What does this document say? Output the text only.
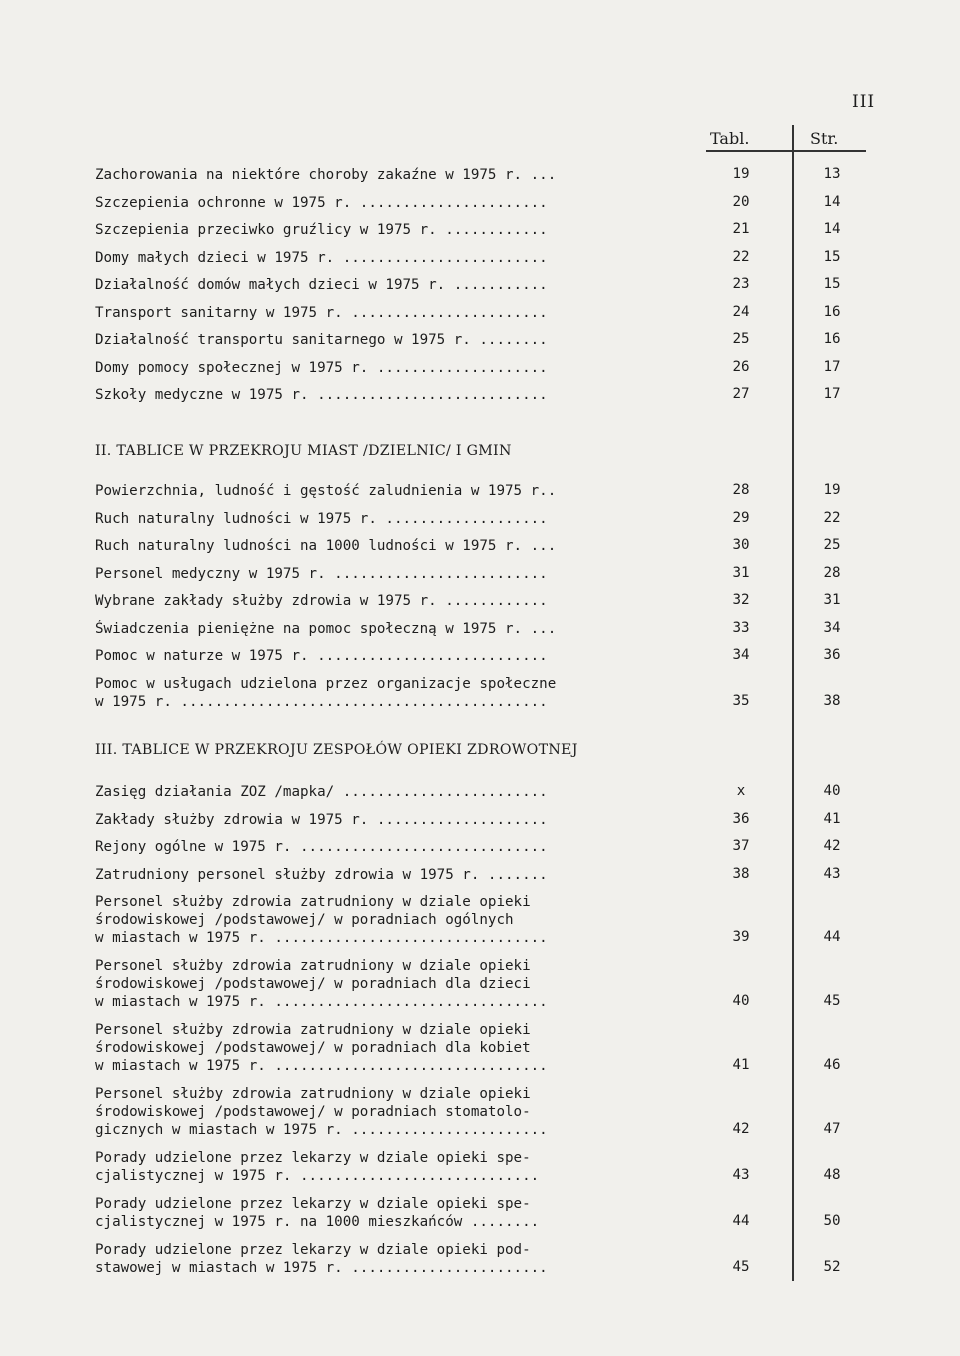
III
Tabl.	Str.
II. TABLICE W PRZEKROJU MIAST /DZIELNIC/ I GMIN
III. TABLICE W PRZEKROJU ZESPOŁÓW OPIEKI ZDROWOTNEJ
Zachorowania na niektóre choroby zakaźne w 1975 r. ...	19	13
Szczepienia ochronne w 1975 r. ......................	20	14
Szczepienia przeciwko gruźlicy w 1975 r. ............	21	14
Domy małych dzieci w 1975 r. ........................	22	15
Działalność domów małych dzieci w 1975 r. ...........	23	15
Transport sanitarny w 1975 r. .......................	24	16
Działalność transportu sanitarnego w 1975 r. ........	25	16
Domy pomocy społecznej w 1975 r. ....................	26	17
Szkoły medyczne w 1975 r. ...........................	27	17
Powierzchnia, ludność i gęstość zaludnienia w 1975 r..	28	19
Ruch naturalny ludności w 1975 r. ...................	29	22
Ruch naturalny ludności na 1000 ludności w 1975 r. ...	30	25
Personel medyczny w 1975 r. .........................	31	28
Wybrane zakłady służby zdrowia w 1975 r. ............	32	31
Świadczenia pieniężne na pomoc społeczną w 1975 r. ...	33	34
Pomoc w naturze w 1975 r. ...........................	34	36
Pomoc w usługach udzielona przez organizacje społeczne
w 1975 r. ...........................................	35	38
Zasięg działania ZOZ /mapka/ ........................	x	40
Zakłady służby zdrowia w 1975 r. ....................	36	41
Rejony ogólne w 1975 r. .............................	37	42
Zatrudniony personel służby zdrowia w 1975 r. .......	38	43
Personel służby zdrowia zatrudniony w dziale opieki
środowiskowej /podstawowej/ w poradniach ogólnych
w miastach w 1975 r. ................................	39	44
Personel służby zdrowia zatrudniony w dziale opieki
środowiskowej /podstawowej/ w poradniach dla dzieci
w miastach w 1975 r. ................................	40	45
Personel służby zdrowia zatrudniony w dziale opieki
środowiskowej /podstawowej/ w poradniach dla kobiet
w miastach w 1975 r. ................................	41	46
Personel służby zdrowia zatrudniony w dziale opieki
środowiskowej /podstawowej/ w poradniach stomatolo-
gicznych w miastach w 1975 r. .......................	42	47
Porady udzielone przez lekarzy w dziale opieki spe-
cjalistycznej w 1975 r. ............................	43	48
Porady udzielone przez lekarzy w dziale opieki spe-
cjalistycznej w 1975 r. na 1000 mieszkańców ........	44	50
Porady udzielone przez lekarzy w dziale opieki pod-
stawowej w miastach w 1975 r. .......................	45	52
